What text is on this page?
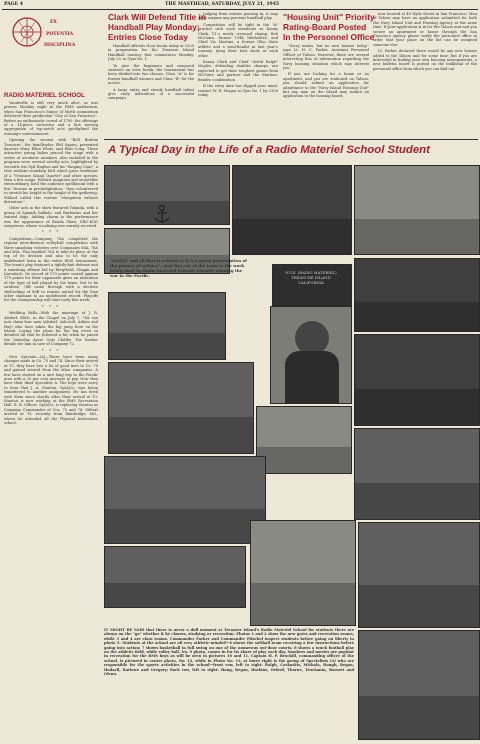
PAGE 4	THE MASTHEAD, SATURDAY, JULY 21, 1945
EX
POTENTIA
DISCIPLINA
RADIO MATERIEL SCHOOL

Vaudeville is still very much alive, as was proven Monday night in the RMS auditorium, when San Francisco's Mayor of Mirth commission delivered their production "City of San Francisco". Before an enthusiastic crowd of 1750, the offerings of a 14-piece orchestra and a fast moving aggregation of top-notch acts spotlighted the evening's entertainment.

Opening the session with "Bell Bottom Trousers", the bandleader, Phil Sapiro, presented dancers Mary Ellen White, and Elsie Long. These attractive young ladies graced the stage with a series of acrobatic numbers. Also included in the program were several novelty acts, highlighted by versatile trio Syd Hughes and his "Singing Cans", a very realistic-sounding bird which gave renditions of a "Treasure Island Quartet" and other species, then a few songs. Willard, magician and storyteller extraordinary, held the audience spellbound with a few "lessons in prestidigitation," then volunteered to stretch his height to the height of the gathering. Willard called this routine "elongation without distention."

Other acts in the show featured Yolanda, with a group of Spanish ballads, and Barbarino and her trained dogs. Adding charm to the performance was the appearance of Renda Shaw, NBC-KGO songstress, whose vocalizing was warmly received.

* * *

Competition—Company 78A completed the regular intra-division volleyball competition with three smashing victories over Companies 86A, 78A and 88A. This enabled 78A to take its place at the top of its division and also to be the only undefeated team in the entire RMS tournament. The team's play featured a tightly-knit defense and a smashing offense led by Bergthold, Chapin and Lisenbach. Its record of 579 points scored against 179 points for their opponents gives an indication of the type of ball played by the team. Not to be outdone, 78B came through with a decisive shellacking of 86B to remain untied for the lone other claimant to an undefeated record. Playoffs for the championship will start early this week.

* * *

Wedding Bells—With the marriage of J. R. Alsdorf, RMIc, in the Chapel on July 7, 78A can now claim four men (Alsdorf, Ashcroft, Aitken and Hay) who have taken the big jump here on the Island. Laying the plans for the big event so detailed Alt that he followed a bit when he joined the Saturday Ayers Quiz Clubbe. For further details see him in care of Company 72.

* * *

New Specials—(A)—There have been many changes made in Co. 75 and 74. Since their arrival at T.I. they have lost a lot of good men to Co. 75 and gained several from the other companies. A few have started on a nice long trip to the Pacific area with a 20 per cent increase in pay. Now they have their third Specialist A. The boys were sorry to hear that J. A. Stanton, Sp(A)3c, was being transferred to another assignment. He has been with them since shortly after their arrival at T.I. Stanton is now working at the RMS Recreation Hall. R. R. Gilbert, Sp(A)3c, is replacing Stanton as Company Commander of Cos. 73 and 74. Gilbert arrived at T.I. recently from Bainbridge, Md., where he attended all the Physical Instructors school.

Clark Will Defend Title in
Handball Play Monday;
Entries Close Today

Handball officials close books today at 1200 in preparation for the Treasure Island Handball tourney that commences Monday, July 23, in Gym No. 1.

To give the beginners and seasoned swatters an even break, the tournament has been divided into two classes, Class "A" is for former handball winners and Class "B" for the novice.

A large entry and steady handball talent give early indications of a successful campaign.

Judging from entries pouring in, it may even surpass any previous handball play.

Competition will be tight in the "A" bracket with such standouts as Kenny Clark, T.I.'s newly crowned champ; Bob McGuire, former 1944 titleholder; and Chief Vic Martino, a former Ohio State athlete and a semi-finalist in last year's tourney, tying their best shots at each other.

Kenny Clark and Chief "Awful Ralph" Moyles, defending doubles champs, are expected to get their toughest games from McGuire and partner and the Martino-Bender combination.

If the entry date has slipped your mind, contact W. H. Hogan in Gym No. 1 by 1200 today.

"Housing Unit" Priority
Rating-Board Posted
In the Personnel Office

"Sorry mates, but no new houses today," says Lt. H. C. Parker, Assistant Personnel Officer of Taloon. However, there are several interesting bits of information regarding the Navy housing situation which may interest you.

If you are looking for a home or an apartment, and you are stationed on Taloon, you should submit an application for admittance to the "Navy Island Housing Unit" but any man on the island may submit an application to the housing board,

now located at 49 Hyde Street in San Francisco. Men of Taloon may have an application submitted for both the Navy Island Unit and Housing Agency at the same time. If your application is in for the Taloon unit and you secure an apartment or house through the San Francisco agency please notify the personnel office in order that your place on the list can be assigned someone else.

Lt. Parker declared there would be any new houses added to the Taloon unit for some time; but if you are interested in finding your own housing arrangements, a new bulletin board is posted on the bulkhead of the personnel office from which you can find out

A Typical Day in the Life of a Radio Materiel School Student
"MAGIC and all that is related to it is a gross presentation of the powers of science"—just five out of the team is the work being done by Radio Materiel Schools towards winning the war in the Pacific.
N.T.S. (RADIO MATERIEL)
TREASURE ISLAND
CALIFORNIA
IT MIGHT BE SAID that there is never a dull moment at Treasure Island's Radio Materiel School for students there are always on the "go" whether it be classes, studying or recreation. Photos 1 and 2 show the new gates and recreation rooms, while 3 and 4 are class rooms. Commander Parker and Commander Fitschel inspect students before going on liberty in photo 5. Students at the school are all very athletic-minded—6 shows the softball team receiving a few instructions before going into action; 7 shows basketball in full swing on one of the numerous out-door courts; 8 shows a touch football play on the athletic field, while volley ball, No. 9 photo, comes in for its share of play each day. Smokers and movies are popular in recreation for the RMS boys as will be seen in pictures 10 and 11. Captain H. P. Brockill, commanding officer of the school, is pictured in center photo, No. 12, while in Photo No. 13, at lower right is the group of Specialists (A) who are responsible for the sports activities in the school—front row, left to right: Ralph, Caskarkis, Mickalo, Haugh, Regan, Hadsall, Barlowe and Gregory; back row, left to right: Hang, Regan, Harkins, Orford, Thorne, Truckanin, Barnett and Glenn.
